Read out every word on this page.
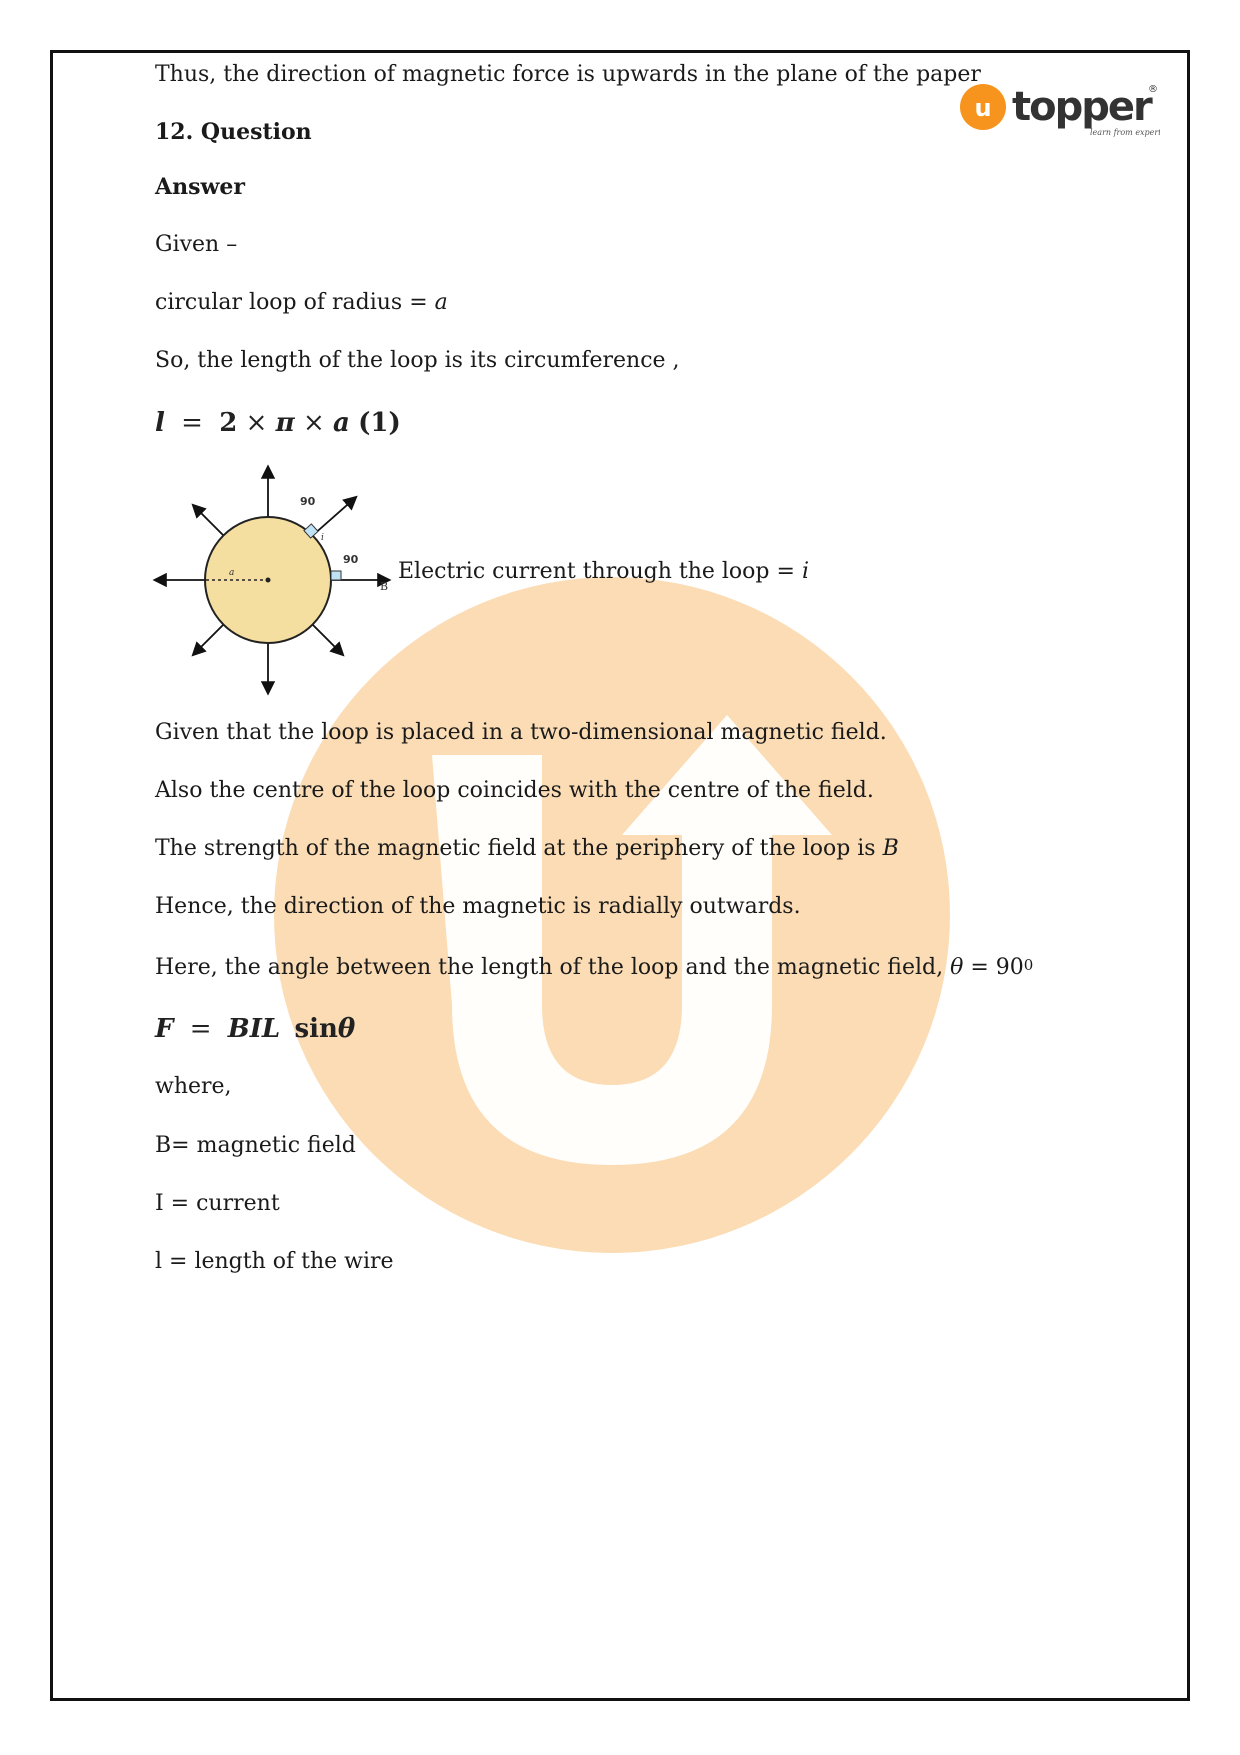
u topper
®
learn from experts
Thus, the direction of magnetic force is upwards in the plane of the paper
12. Question
Answer
Given –
circular loop of radius = a
So, the length of the loop is its circumference ,
l = 2 × π × a (1)
90
90
a
i
B
Electric current through the loop = i
Given that the loop is placed in a two-dimensional magnetic field.
Also the centre of the loop coincides with the centre of the field.
The strength of the magnetic field at the periphery of the loop is B
Hence, the direction of the magnetic is radially outwards.
Here, the angle between the length of the loop and the magnetic field, $\theta = 90^0$
F = BIL sinθ
where,
B= magnetic field
I = current
l = length of the wire
